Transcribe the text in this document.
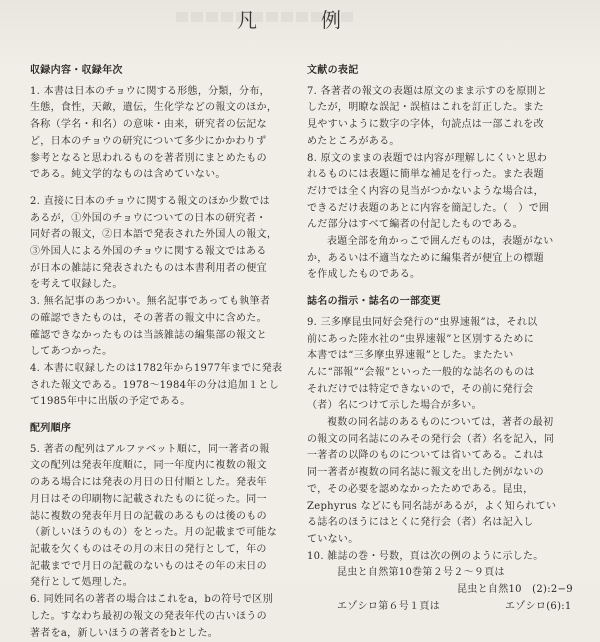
凡　例
収録内容・収録年次
1. 本書は日本のチョウに関する形態，分類，分布，
生態，食性，天敵，遺伝，生化学などの報文のほか，
各称（学名・和名）の意味・由来，研究者の伝記な
ど，日本のチョウの研究について多少にかかわりず
参考となると思われるものを著者別にまとめたもの
である。純文学的なものは含めていない。
2. 直接に日本のチョウに関する報文のほか少数では
あるが，①外国のチョウについての日本の研究者・
同好者の報文，②日本語で発表された外国人の報文，
③外国人による外国のチョウに関する報文ではある
が日本の雑誌に発表されたものは本書利用者の便宜
を考えて収録した。
3. 無名記事のあつかい。無名記事であっても執筆者
の確認できたものは，その著者の報文中に含めた。
確認できなかったものは当該雑誌の編集部の報文と
してあつかった。
4. 本書に収録したのは1782年から1977年までに発表
された報文である。1978〜1984年の分は追加１とし
て1985年中に出版の予定である。
配列順序
5. 著者の配列はアルファベット順に，同一著者の報
文の配列は発表年度順に，同一年度内に複数の報文
のある場合には発表の月日の日付順とした。発表年
月日はその印刷物に記載されたものに従った。同一
誌に複数の発表年月日の記載のあるものは後のもの
（新しいほうのもの）をとった。月の記載まで可能な
記載を欠くものはその月の末日の発行として，年の
記載までで月日の記載のないものはその年の末日の
発行として処理した。
6. 同姓同名の著者の場合はこれをa，bの符号で区別
した。すなわち最初の報文の発表年代の古いほうの
著者をa，新しいほうの著者をbとした。
文献の表記
7. 各著者の報文の表題は原文のまま示すのを原則と
したが，明瞭な誤記・誤植はこれを訂正した。また
見やすいように数字の字体，句読点は一部これを改
めたところがある。
8. 原文のままの表題では内容が理解しにくいと思わ
れるものには表題に簡単な補足を行った。また表題
だけでは全く内容の見当がつかないような場合は，
できるだけ表題のあとに内容を簡記した。（　）で囲
んだ部分はすべて編者の付記したものである。
表題全部を角かっこで囲んだものは，表題がない
か，あるいは不適当なために編集者が便宜上の標題
を作成したものである。
誌名の指示・誌名の一部変更
9. 三多摩昆虫同好会発行の“虫界速報”は，それ以
前にあった陸水社の“虫界速報”と区別するために
本書では“三多摩虫界速報”とした。またたい
んに“部報”“会報”といった一般的な誌名のものは
それだけでは特定できないので，その前に発行会
（者）名につけて示した場合が多い。
複数の同名誌のあるものについては，著者の最初
の報文の同名誌にのみその発行会（者）名を記入，同
一著者の以降のものについては省いてある。これは
同一著者が複数の同名誌に報文を出した例がないの
で，その必要を認めなかったためである。昆虫，
Zephyrus などにも同名誌があるが，よく知られてい
る誌名のほうにはとくに発行会（者）名は記入し
ていない。
10. 雑誌の巻・号数，頁は次の例のように示した。
昆虫と自然第10巻第２号２〜９頁は
昆虫と自然10　(2):2−9
エゾシロ第６号１頁は	エゾシロ(6):1
